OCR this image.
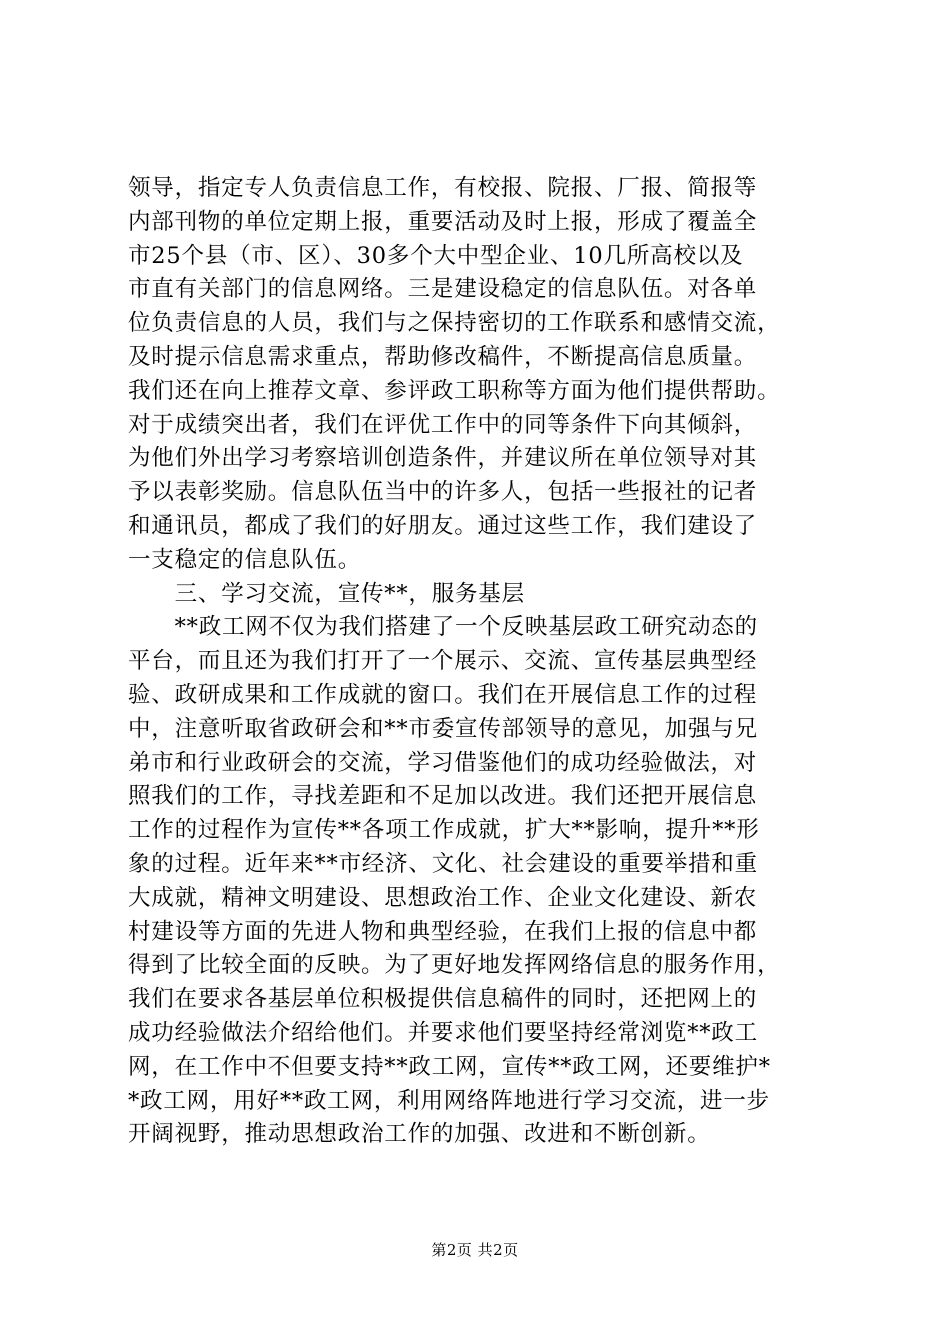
领导，指定专人负责信息工作，有校报、院报、厂报、简报等
内部刊物的单位定期上报，重要活动及时上报，形成了覆盖全
市25个县（市、区）、30多个大中型企业、10几所高校以及
市直有关部门的信息网络。三是建设稳定的信息队伍。对各单
位负责信息的人员，我们与之保持密切的工作联系和感情交流，
及时提示信息需求重点，帮助修改稿件，不断提高信息质量。
我们还在向上推荐文章、参评政工职称等方面为他们提供帮助。
对于成绩突出者，我们在评优工作中的同等条件下向其倾斜，
为他们外出学习考察培训创造条件，并建议所在单位领导对其
予以表彰奖励。信息队伍当中的许多人，包括一些报社的记者
和通讯员，都成了我们的好朋友。通过这些工作，我们建设了
一支稳定的信息队伍。
　　三、学习交流，宣传**，服务基层
　　**政工网不仅为我们搭建了一个反映基层政工研究动态的
平台，而且还为我们打开了一个展示、交流、宣传基层典型经
验、政研成果和工作成就的窗口。我们在开展信息工作的过程
中，注意听取省政研会和**市委宣传部领导的意见，加强与兄
弟市和行业政研会的交流，学习借鉴他们的成功经验做法，对
照我们的工作，寻找差距和不足加以改进。我们还把开展信息
工作的过程作为宣传**各项工作成就，扩大**影响，提升**形
象的过程。近年来**市经济、文化、社会建设的重要举措和重
大成就，精神文明建设、思想政治工作、企业文化建设、新农
村建设等方面的先进人物和典型经验，在我们上报的信息中都
得到了比较全面的反映。为了更好地发挥网络信息的服务作用，
我们在要求各基层单位积极提供信息稿件的同时，还把网上的
成功经验做法介绍给他们。并要求他们要坚持经常浏览**政工
网，在工作中不但要支持**政工网，宣传**政工网，还要维护*
*政工网，用好**政工网，利用网络阵地进行学习交流，进一步
开阔视野，推动思想政治工作的加强、改进和不断创新。
第2页 共2页
